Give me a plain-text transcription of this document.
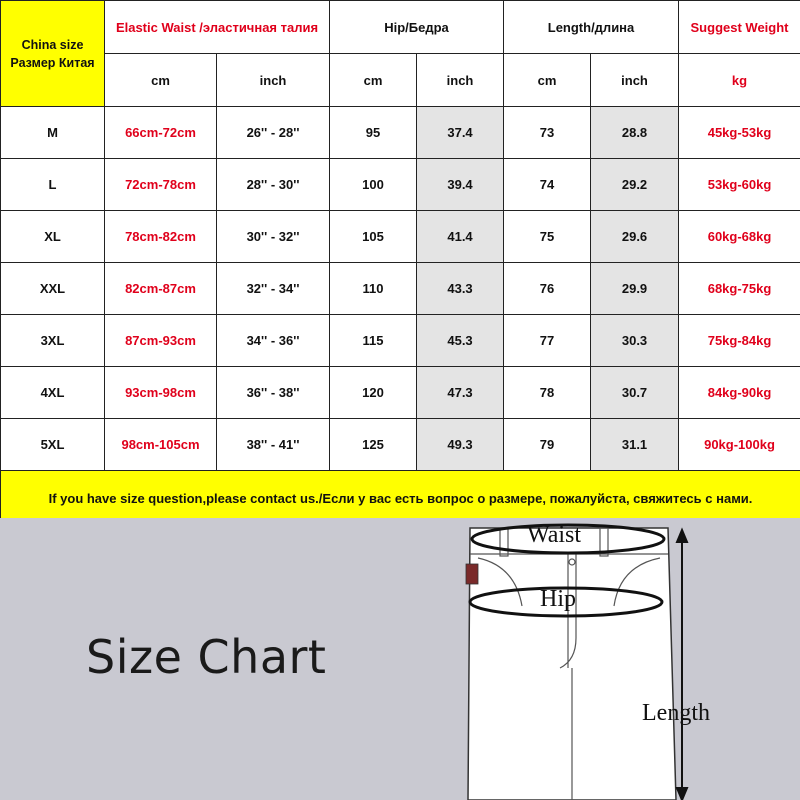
China size
Размер Китая	Elastic Waist /эластичная талия		Hip/Бедра		Length/длина		Suggest Weight
	cm	inch	cm	inch	cm	inch	kg
M	66cm-72cm	26'' - 28''	95	37.4	73	28.8	45kg-53kg
L	72cm-78cm	28'' - 30''	100	39.4	74	29.2	53kg-60kg
XL	78cm-82cm	30'' - 32''	105	41.4	75	29.6	60kg-68kg
XXL	82cm-87cm	32'' - 34''	110	43.3	76	29.9	68kg-75kg
3XL	87cm-93cm	34'' - 36''	115	45.3	77	30.3	75kg-84kg
4XL	93cm-98cm	36'' - 38''	120	47.3	78	30.7	84kg-90kg
5XL	98cm-105cm	38'' - 41''	125	49.3	79	31.1	90kg-100kg
If you have size question,please contact us./Если у вас есть вопрос о размере, пожалуйста, свяжитесь с нами.							
Waist
Hip
Length
Size Chart
